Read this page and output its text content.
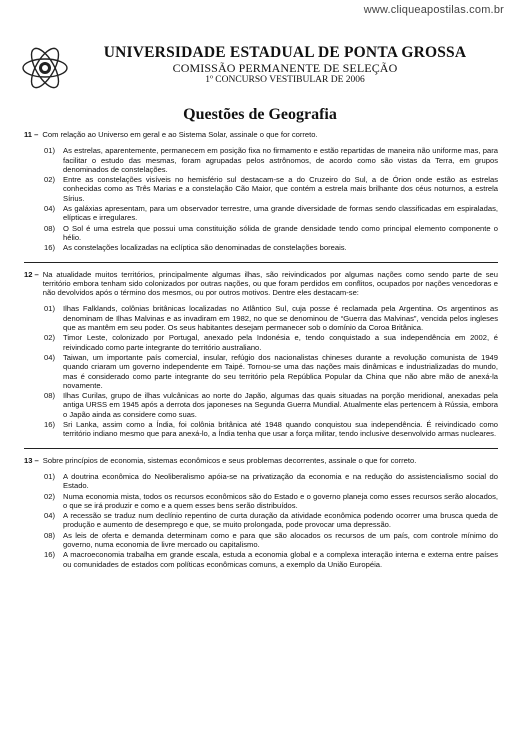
www.cliqueapostilas.com.br
UNIVERSIDADE ESTADUAL DE PONTA GROSSA
COMISSÃO PERMANENTE DE SELEÇÃO
1º CONCURSO VESTIBULAR DE 2006
Questões de Geografia
11 – Com relação ao Universo em geral e ao Sistema Solar, assinale o que for correto.
01)	As estrelas, aparentemente, permanecem em posição fixa no firmamento e estão repartidas de maneira não uniforme mas, para facilitar o estudo das mesmas, foram agrupadas pelos astrônomos, de acordo como são vistas da Terra, em grupos denominados de constelações.
02)	Entre as constelações visíveis no hemisfério sul destacam-se a do Cruzeiro do Sul, a de Órion onde estão as estrelas conhecidas como as Três Marias e a constelação Cão Maior, que contém a estrela mais brilhante dos céus noturnos, a estrela Sírius.
04)	As galáxias apresentam, para um observador terrestre, uma grande diversidade de formas sendo classificadas em espiraladas, elípticas e irregulares.
08)	O Sol é uma estrela que possui uma constituição sólida de grande densidade tendo como principal elemento componente o hélio.
16)	As constelações localizadas na eclíptica são denominadas de constelações boreais.
12 – Na atualidade muitos territórios, principalmente algumas ilhas, são reivindicados por algumas nações como sendo parte de seu território embora tenham sido colonizados por outras nações, ou que foram perdidos em conflitos, ocupados por nações vencedoras e não devolvidos após o término dos mesmos, ou por outros motivos. Dentre eles destacam-se:
01)	Ilhas Falklands, colônias britânicas localizadas no Atlântico Sul, cuja posse é reclamada pela Argentina. Os argentinos as denominam de Ilhas Malvinas e as invadiram em 1982, no que se denominou de “Guerra das Malvinas”, vencida pelos ingleses que as mantêm em seu poder. Os seus habitantes desejam permanecer sob o domínio da Coroa Britânica.
02)	Timor Leste, colonizado por Portugal, anexado pela Indonésia e, tendo conquistado a sua independência em 2002, é reivindicado como parte integrante do território australiano.
04)	Taiwan, um importante país comercial, insular, refúgio dos nacionalistas chineses durante a revolução comunista de 1949 quando criaram um governo independente em Taipé. Tornou-se uma das nações mais dinâmicas e industrializadas do mundo, mas é considerado como parte integrante do seu território pela República Popular da China que não abre mão de anexá-la novamente.
08)	Ilhas Curilas, grupo de ilhas vulcânicas ao norte do Japão, algumas das quais situadas na porção meridional, anexadas pela antiga URSS em 1945 após a derrota dos japoneses na Segunda Guerra Mundial. Atualmente elas pertencem à Rússia, embora o Japão ainda as considere como suas.
16)	Sri Lanka, assim como a Índia, foi colônia britânica até 1948 quando conquistou sua independência. É reivindicado como território indiano mesmo que para anexá-lo, a Índia tenha que usar a força militar, tendo inclusive desenvolvido armas nucleares.
13 – Sobre princípios de economia, sistemas econômicos e seus problemas decorrentes, assinale o que for correto.
01)	A doutrina econômica do Neoliberalismo apóia-se na privatização da economia e na redução do assistencialismo social do Estado.
02)	Numa economia mista, todos os recursos econômicos são do Estado e o governo planeja como esses recursos serão alocados, o que se irá produzir e como e a quem esses bens serão distribuídos.
04)	A recessão se traduz num declínio repentino de curta duração da atividade econômica podendo ocorrer uma brusca queda de produção e aumento de desemprego e que, se muito prolongada, pode provocar uma depressão.
08)	As leis de oferta e demanda determinam como e para que são alocados os recursos de um país, com controle mínimo do governo, numa economia de livre mercado ou capitalismo.
16)	A macroeconomia trabalha em grande escala, estuda a economia global e a complexa interação interna e externa entre países ou comunidades de estados com políticas econômicas comuns, a exemplo da União Européia.
